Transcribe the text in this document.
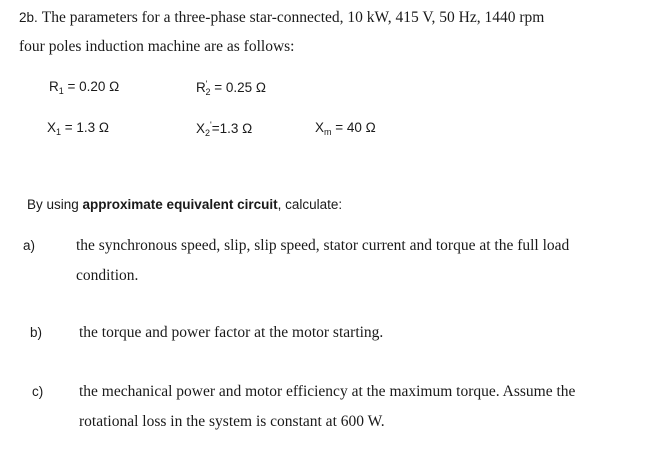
2b. The parameters for a three-phase star-connected, 10 kW, 415 V, 50 Hz, 1440 rpm
four poles induction machine are as follows:
$R_1 = 0.20$ Ω	$R'_2 = 0.25$ Ω
$X_1 = 1.3$ Ω	$X_2'=1.3$ Ω	$X_m = 40$ Ω
By using approximate equivalent circuit, calculate:
a)	the synchronous speed, slip, slip speed, stator current and torque at the full load
condition.
b) the torque and power factor at the motor starting.
c) the mechanical power and motor efficiency at the maximum torque. Assume the
rotational loss in the system is constant at 600 W.
